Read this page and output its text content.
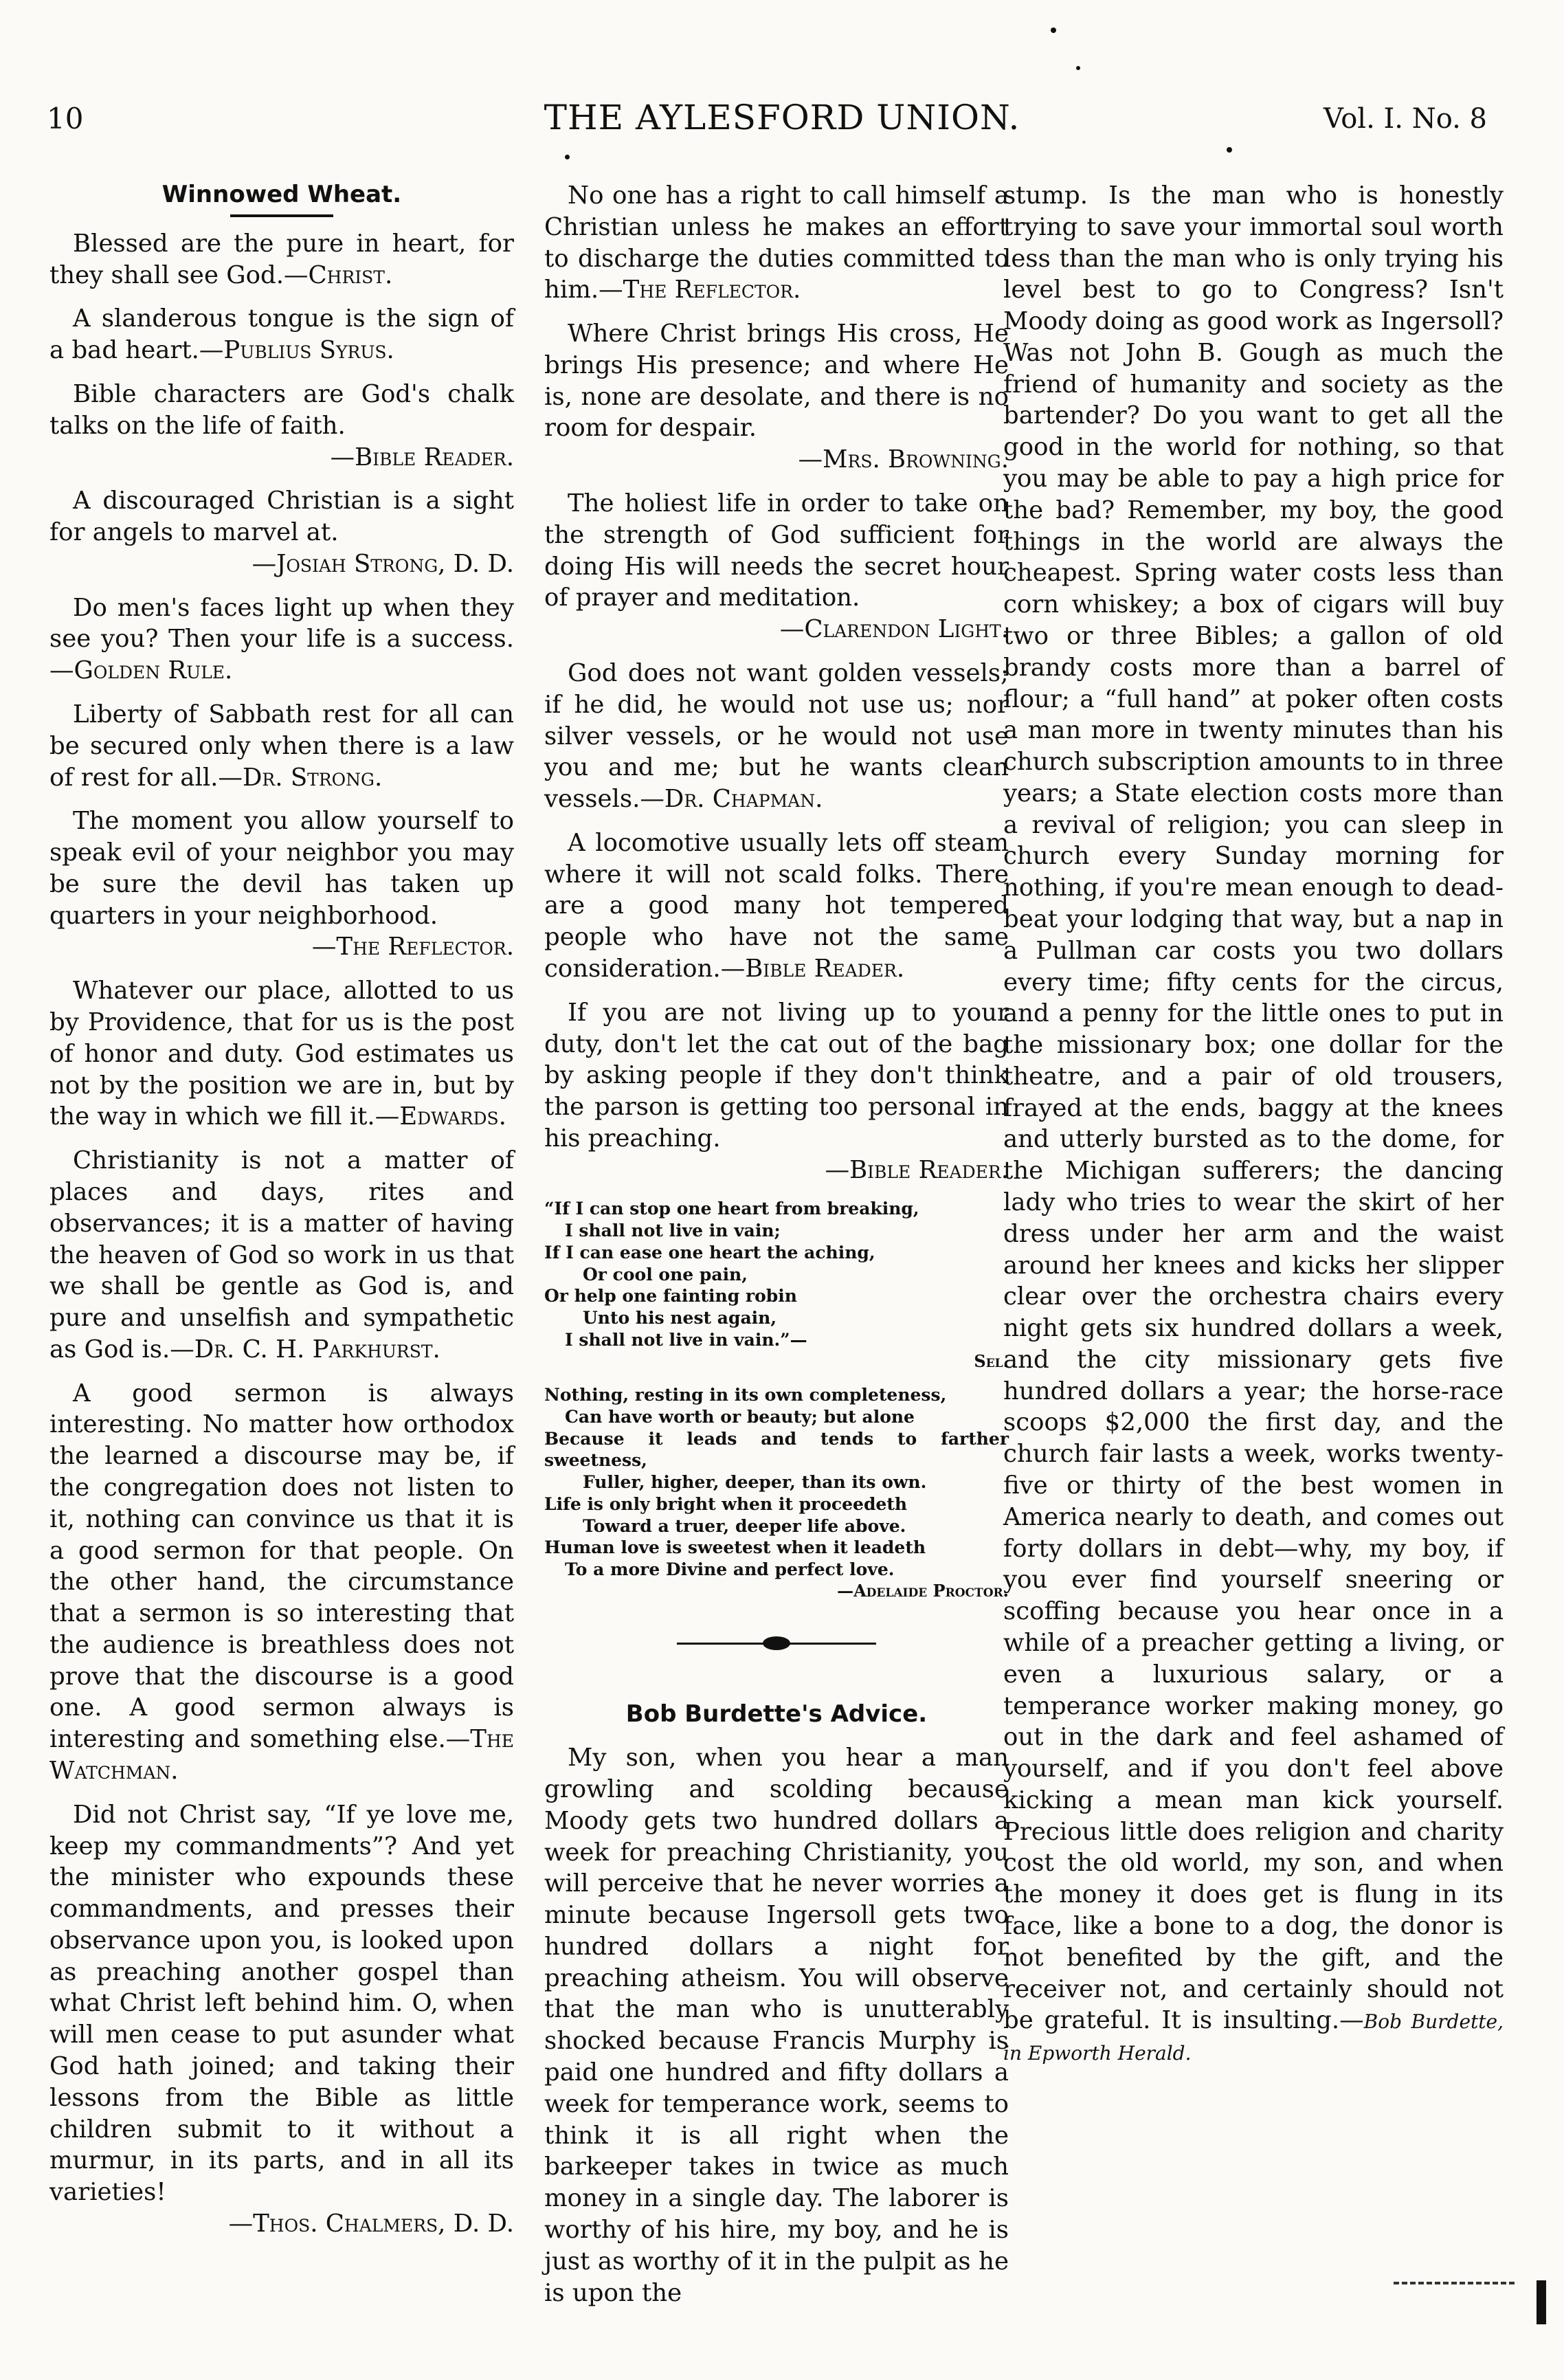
10	THE AYLESFORD UNION.	Vol. I. No. 8
Winnowed Wheat.

Blessed are the pure in heart, for they shall see God.—Christ.

A slanderous tongue is the sign of a bad heart.—Publius Syrus.

Bible characters are God's chalk talks on the life of faith.
—Bible Reader.

A discouraged Christian is a sight for angels to marvel at.
—Josiah Strong, D. D.

Do men's faces light up when they see you? Then your life is a success.—Golden Rule.

Liberty of Sabbath rest for all can be secured only when there is a law of rest for all.—Dr. Strong.

The moment you allow yourself to speak evil of your neighbor you may be sure the devil has taken up quarters in your neighborhood.
—The Reflector.

Whatever our place, allotted to us by Providence, that for us is the post of honor and duty. God estimates us not by the position we are in, but by the way in which we fill it.—Edwards.

Christianity is not a matter of places and days, rites and observances; it is a matter of having the heaven of God so work in us that we shall be gentle as God is, and pure and unselfish and sympathetic as God is.—Dr. C. H. Parkhurst.

A good sermon is always interesting. No matter how orthodox the learned a discourse may be, if the congregation does not listen to it, nothing can convince us that it is a good sermon for that people. On the other hand, the circumstance that a sermon is so interesting that the audience is breathless does not prove that the discourse is a good one. A good sermon always is interesting and something else.—The Watchman.

Did not Christ say, “If ye love me, keep my commandments”? And yet the minister who expounds these commandments, and presses their observance upon you, is looked upon as preaching another gospel than what Christ left behind him. O, when will men cease to put asunder what God hath joined; and taking their lessons from the Bible as little children submit to it without a murmur, in its parts, and in all its varieties!
—Thos. Chalmers, D. D.

No one has a right to call himself a Christian unless he makes an effort to discharge the duties committed to him.—The Reflector.

Where Christ brings His cross, He brings His presence; and where He is, none are desolate, and there is no room for despair.
—Mrs. Browning.

The holiest life in order to take on the strength of God sufficient for doing His will needs the secret hour of prayer and meditation.
—Clarendon Light.

God does not want golden vessels; if he did, he would not use us; nor silver vessels, or he would not use you and me; but he wants clean vessels.—Dr. Chapman.

A locomotive usually lets off steam where it will not scald folks. There are a good many hot tempered people who have not the same consideration.—Bible Reader.

If you are not living up to your duty, don't let the cat out of the bag by asking people if they don't think the parson is getting too personal in his preaching.
—Bible Reader.

“If I can stop one heart from breaking,
I shall not live in vain;
If I can ease one heart the aching,
Or cool one pain,
Or help one fainting robin
Unto his nest again,
I shall not live in vain.”—
Sel.
Nothing, resting in its own completeness,
Can have worth or beauty; but alone
Because it leads and tends to farther sweetness,
Fuller, higher, deeper, than its own.
Life is only bright when it proceedeth
Toward a truer, deeper life above.
Human love is sweetest when it leadeth
To a more Divine and perfect love.
—Adelaide Proctor.
Bob Burdette's Advice.

My son, when you hear a man growling and scolding because Moody gets two hundred dollars a week for preaching Christianity, you will perceive that he never worries a minute because Ingersoll gets two hundred dollars a night for preaching atheism. You will observe that the man who is unutterably shocked because Francis Murphy is paid one hundred and fifty dollars a week for temperance work, seems to think it is all right when the barkeeper takes in twice as much money in a single day. The laborer is worthy of his hire, my boy, and he is just as worthy of it in the pulpit as he is upon the

stump. Is the man who is honestly trying to save your immortal soul worth less than the man who is only trying his level best to go to Congress? Isn't Moody doing as good work as Ingersoll? Was not John B. Gough as much the friend of humanity and society as the bartender? Do you want to get all the good in the world for nothing, so that you may be able to pay a high price for the bad? Remember, my boy, the good things in the world are always the cheapest. Spring water costs less than corn whiskey; a box of cigars will buy two or three Bibles; a gallon of old brandy costs more than a barrel of flour; a “full hand” at poker often costs a man more in twenty minutes than his church subscription amounts to in three years; a State election costs more than a revival of religion; you can sleep in church every Sunday morning for nothing, if you're mean enough to dead-beat your lodging that way, but a nap in a Pullman car costs you two dollars every time; fifty cents for the circus, and a penny for the little ones to put in the missionary box; one dollar for the theatre, and a pair of old trousers, frayed at the ends, baggy at the knees and utterly bursted as to the dome, for the Michigan sufferers; the dancing lady who tries to wear the skirt of her dress under her arm and the waist around her knees and kicks her slipper clear over the orchestra chairs every night gets six hundred dollars a week, and the city missionary gets five hundred dollars a year; the horse-race scoops $2,000 the first day, and the church fair lasts a week, works twenty-five or thirty of the best women in America nearly to death, and comes out forty dollars in debt—why, my boy, if you ever find yourself sneering or scoffing because you hear once in a while of a preacher getting a living, or even a luxurious salary, or a temperance worker making money, go out in the dark and feel ashamed of yourself, and if you don't feel above kicking a mean man kick yourself. Precious little does religion and charity cost the old world, my son, and when the money it does get is flung in its face, like a bone to a dog, the donor is not benefited by the gift, and the receiver not, and certainly should not be grateful. It is insulting.—Bob Burdette, in Epworth Herald.
